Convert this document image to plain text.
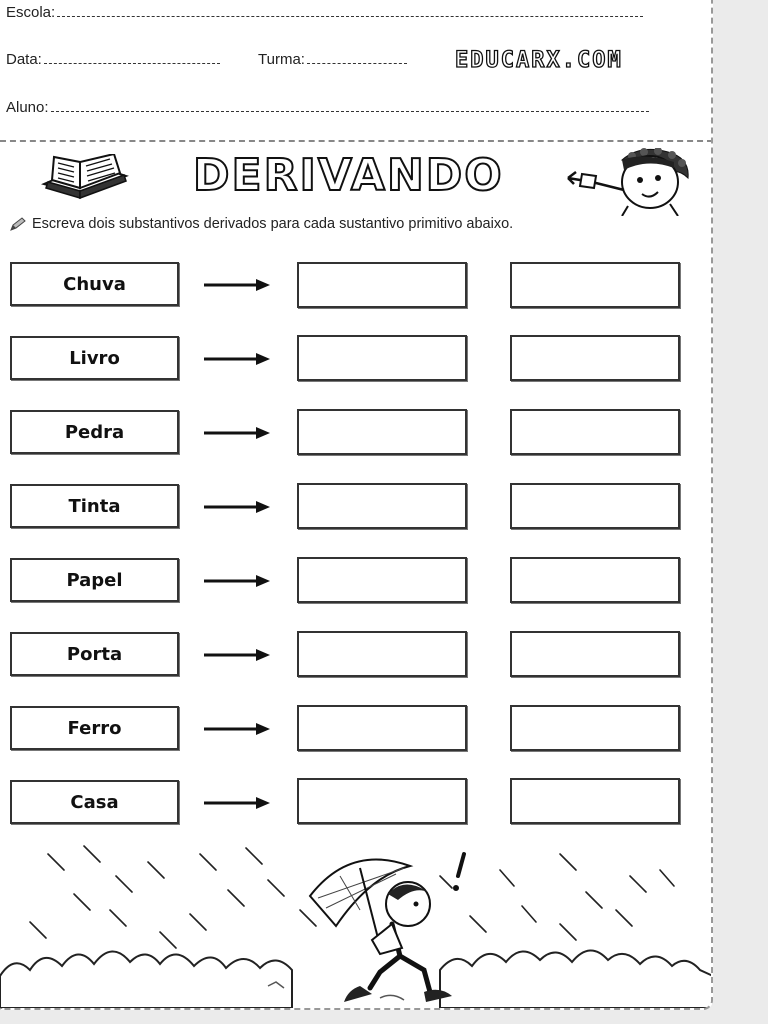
Escola:
Data:	Turma:	EDUCARX.COM
Aluno:
DERIVANDO
Escreva dois substantivos derivados para cada sustantivo primitivo abaixo.
Chuva
Livro
Pedra
Tinta
Papel
Porta
Ferro
Casa
